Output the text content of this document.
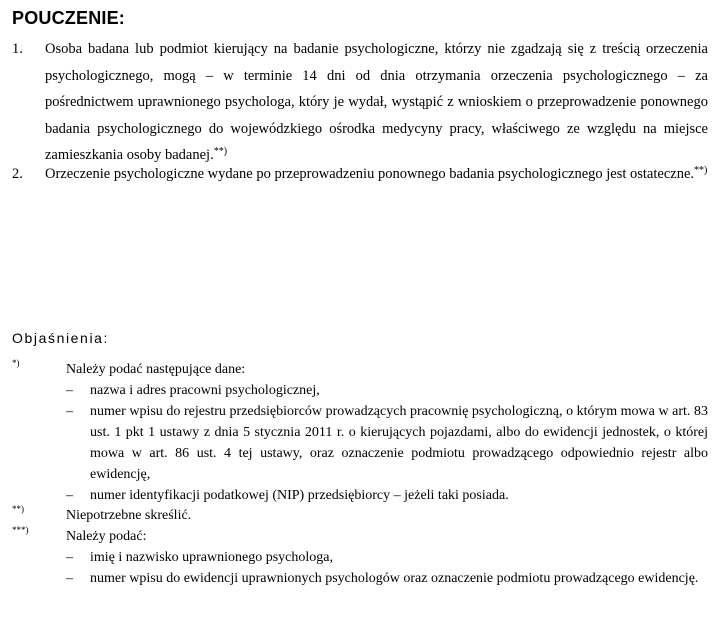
POUCZENIE:
1. Osoba badana lub podmiot kierujący na badanie psychologiczne, którzy nie zgadzają się z treścią orzeczenia psychologicznego, mogą – w terminie 14 dni od dnia otrzymania orzeczenia psychologicznego – za pośrednictwem uprawnionego psychologa, który je wydał, wystąpić z wnioskiem o przeprowadzenie ponownego badania psychologicznego do wojewódzkiego ośrodka medycyny pracy, właściwego ze względu na miejsce zamieszkania osoby badanej.**)
2. Orzeczenie psychologiczne wydane po przeprowadzeniu ponownego badania psychologicznego jest ostateczne.**)
Objaśnienia:
*)	Należy podać następujące dane:
– nazwa i adres pracowni psychologicznej,
– numer wpisu do rejestru przedsiębiorców prowadzących pracownię psychologiczną, o którym mowa w art. 83 ust. 1 pkt 1 ustawy z dnia 5 stycznia 2011 r. o kierujących pojazdami, albo do ewidencji jednostek, o której mowa w art. 86 ust. 4 tej ustawy, oraz oznaczenie podmiotu prowadzącego odpowiednio rejestr albo ewidencję,
– numer identyfikacji podatkowej (NIP) przedsiębiorcy – jeżeli taki posiada.
**)	Niepotrzebne skreślić.
***)	Należy podać:
– imię i nazwisko uprawnionego psychologa,
– numer wpisu do ewidencji uprawnionych psychologów oraz oznaczenie podmiotu prowadzącego ewidencję.
